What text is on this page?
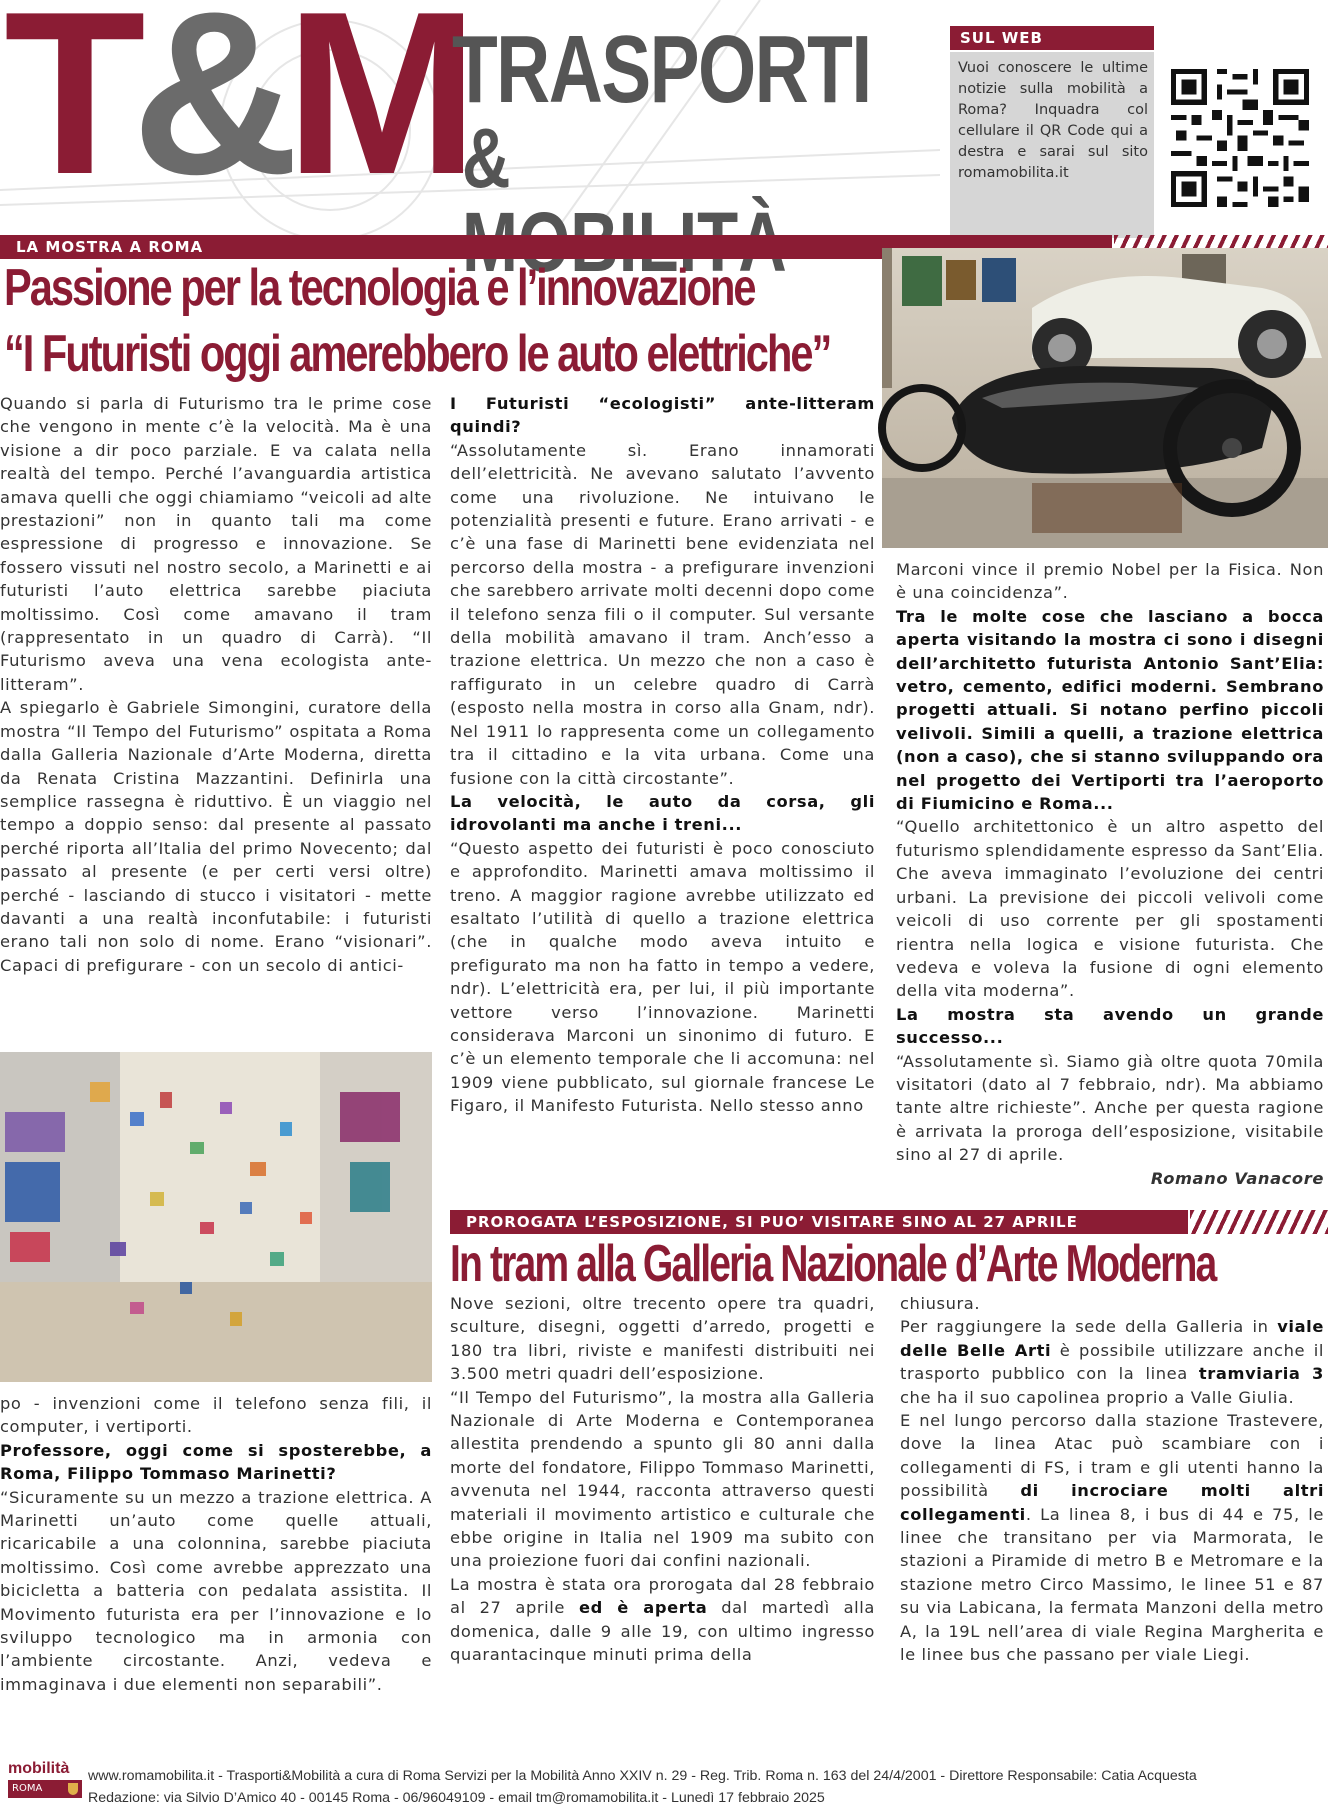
T&M
TRASPORTI
&
SUL WEB
Vuoi conoscere le ultime notizie sulla mobilità a Roma? Inquadra col cellulare il QR Code qui a destra e sarai sul sito romamobilita.it
LA MOSTRA A ROMA
Passione per la tecnologia e l’innovazione
“I Futuristi oggi amerebbero le auto elettriche”

Quando si parla di Futurismo tra le prime cose che vengono in mente c’è la velocità. Ma è una visione a dir poco parziale. E va calata nella realtà del tempo. Perché l’avanguardia artistica amava quelli che oggi chiamiamo “veicoli ad alte prestazioni” non in quanto tali ma come espressione di progresso e innovazione. Se fossero vissuti nel nostro secolo, a Marinetti e ai futuristi l’auto elettrica sarebbe piaciuta moltissimo. Così come amavano il tram (rappresentato in un quadro di Carrà). “Il Futurismo aveva una vena ecologista ante-litteram”.

A spiegarlo è Gabriele Simongini, curatore della mostra “Il Tempo del Futurismo” ospitata a Roma dalla Galleria Nazionale d’Arte Moderna, diretta da Renata Cristina Mazzantini. Definirla una semplice rassegna è riduttivo. È un viaggio nel tempo a doppio senso: dal presente al passato perché riporta all’Italia del primo Novecento; dal passato al presente (e per certi versi oltre) perché - lasciando di stucco i visitatori - mette davanti a una realtà inconfutabile: i futuristi erano tali non solo di nome. Erano “visionari”. Capaci di prefigurare - con un secolo di antici-

po - invenzioni come il telefono senza fili, il computer, i vertiporti.

Professore, oggi come si sposterebbe, a Roma, Filippo Tommaso Marinetti?

“Sicuramente su un mezzo a trazione elettrica. A Marinetti un’auto come quelle attuali, ricaricabile a una colonnina, sarebbe piaciuta moltissimo. Così come avrebbe apprezzato una bicicletta a batteria con pedalata assistita. Il Movimento futurista era per l’innovazione e lo sviluppo tecnologico ma in armonia con l’ambiente circostante. Anzi, vedeva e immaginava i due elementi non separabili”.

I Futuristi “ecologisti” ante-litteram quindi?

“Assolutamente sì. Erano innamorati dell’elettricità. Ne avevano salutato l’avvento come una rivoluzione. Ne intuivano le potenzialità presenti e future. Erano arrivati - e c’è una fase di Marinetti bene evidenziata nel percorso della mostra - a prefigurare invenzioni che sarebbero arrivate molti decenni dopo come il telefono senza fili o il computer. Sul versante della mobilità amavano il tram. Anch’esso a trazione elettrica. Un mezzo che non a caso è raffigurato in un celebre quadro di Carrà (esposto nella mostra in corso alla Gnam, ndr). Nel 1911 lo rappresenta come un collegamento tra il cittadino e la vita urbana. Come una fusione con la città circostante”.

La velocità, le auto da corsa, gli idrovolanti ma anche i treni...

“Questo aspetto dei futuristi è poco conosciuto e approfondito. Marinetti amava moltissimo il treno. A maggior ragione avrebbe utilizzato ed esaltato l’utilità di quello a trazione elettrica (che in qualche modo aveva intuito e prefigurato ma non ha fatto in tempo a vedere, ndr). L’elettricità era, per lui, il più importante vettore verso l’innovazione. Marinetti considerava Marconi un sinonimo di futuro. E c’è un elemento temporale che li accomuna: nel 1909 viene pubblicato, sul giornale francese Le Figaro, il Manifesto Futurista. Nello stesso anno

Marconi vince il premio Nobel per la Fisica. Non è una coincidenza”.

Tra le molte cose che lasciano a bocca aperta visitando la mostra ci sono i disegni dell’architetto futurista Antonio Sant’Elia: vetro, cemento, edifici moderni. Sembrano progetti attuali. Si notano perfino piccoli velivoli. Simili a quelli, a trazione elettrica (non a caso), che si stanno sviluppando ora nel progetto dei Vertiporti tra l’aeroporto di Fiumicino e Roma...

“Quello architettonico è un altro aspetto del futurismo splendidamente espresso da Sant’Elia. Che aveva immaginato l’evoluzione dei centri urbani. La previsione dei piccoli velivoli come veicoli di uso corrente per gli spostamenti rientra nella logica e visione futurista. Che vedeva e voleva la fusione di ogni elemento della vita moderna”.

La mostra sta avendo un grande successo...

“Assolutamente sì. Siamo già oltre quota 70mila visitatori (dato al 7 febbraio, ndr). Ma abbiamo tante altre richieste”. Anche per questa ragione è arrivata la proroga dell’esposizione, visitabile sino al 27 di aprile.

Romano Vanacore

PROROGATA L’ESPOSIZIONE, SI PUO’ VISITARE SINO AL 27 APRILE
In tram alla Galleria Nazionale d’Arte Moderna

Nove sezioni, oltre trecento opere tra quadri, sculture, disegni, oggetti d’arredo, progetti e 180 tra libri, riviste e manifesti distribuiti nei 3.500 metri quadri dell’esposizione.

“Il Tempo del Futurismo”, la mostra alla Galleria Nazionale di Arte Moderna e Contemporanea allestita prendendo a spunto gli 80 anni dalla morte del fondatore, Filippo Tommaso Marinetti, avvenuta nel 1944, racconta attraverso questi materiali il movimento artistico e culturale che ebbe origine in Italia nel 1909 ma subito con una proiezione fuori dai confini nazionali.

La mostra è stata ora prorogata dal 28 febbraio al 27 aprile ed è aperta dal martedì alla domenica, dalle 9 alle 19, con ultimo ingresso quarantacinque minuti prima della

chiusura.

Per raggiungere la sede della Galleria in viale delle Belle Arti è possibile utilizzare anche il trasporto pubblico con la linea tramviaria 3 che ha il suo capolinea proprio a Valle Giulia.

E nel lungo percorso dalla stazione Trastevere, dove la linea Atac può scambiare con i collegamenti di FS, i tram e gli utenti hanno la possibilità di incrociare molti altri collegamenti. La linea 8, i bus di 44 e 75, le linee che transitano per via Marmorata, le stazioni a Piramide di metro B e Metromare e la stazione metro Circo Massimo, le linee 51 e 87 su via Labicana, la fermata Manzoni della metro A, la 19L nell’area di viale Regina Margherita e le linee bus che passano per viale Liegi.

mobilità
ROMA
www.romamobilita.it - Trasporti&Mobilità a cura di Roma Servizi per la Mobilità Anno XXIV n. 29 - Reg. Trib. Roma n. 163 del 24/4/2001 - Direttore Responsabile: Catia Acquesta
Redazione: via Silvio D’Amico 40 - 00145 Roma - 06/96049109 - email tm@romamobilita.it - Lunedì 17 febbraio 2025
